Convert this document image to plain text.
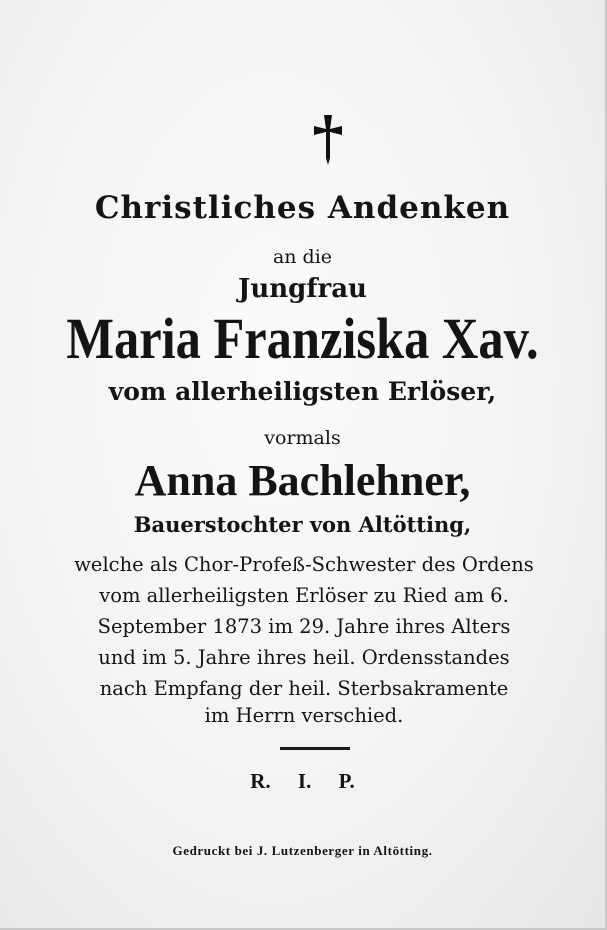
Christliches Andenken
an die
Jungfrau
Maria Franziska Xav.
vom allerheiligsten Erlöser,
vormals
Anna Bachlehner,
Bauerstochter von Altötting,
welche als Chor-Profeß-Schwester des Ordens
vom allerheiligsten Erlöser zu Ried am 6.
September 1873 im 29. Jahre ihres Alters
und im 5. Jahre ihres heil. Ordensstandes
nach Empfang der heil. Sterbsakramente
im Herrn verschied.
R. I. P.
Gedruckt bei J. Lutzenberger in Altötting.
